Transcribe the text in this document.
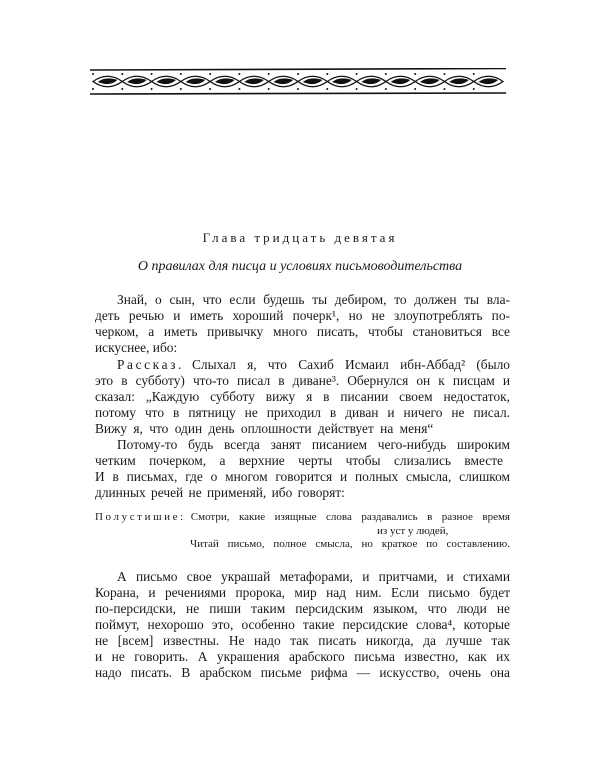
Глава тридцать девятая
О правилах для писца и условиях письмоводительства
Знай, о сын, что если будешь ты дебиром, то должен ты вла-
деть речью и иметь хороший почерк¹, но не злоупотреблять по-
черком, а иметь привычку много писать, чтобы становиться все
искуснее, ибо:
Рассказ. Слыхал я, что Сахиб Исмаил ибн-Аббад² (было
это в субботу) что-то писал в диване³. Обернулся он к писцам и
сказал: „Каждую субботу вижу я в писании своем недостаток,
потому что в пятницу не приходил в диван и ничего не писал.
Вижу я, что один день оплошности действует на меня“
Потому-то будь всегда занят писанием чего-нибудь широким
четким почерком, а верхние черты чтобы слизались вместе
И в письмах, где о многом говорится и полных смысла, слишком
длинных речей не применяй, ибо говорят:
Полустишие: Смотри, какие изящные слова раздавались в разное время
из уст у людей,
Читай письмо, полное смысла, но краткое по составлению.
А письмо свое украшай метафорами, и притчами, и стихами
Корана, и речениями пророка, мир над ним. Если письмо будет
по-персидски, не пиши таким персидским языком, что люди не
поймут, нехорошо это, особенно такие персидские слова⁴, которые
не [всем] известны. Не надо так писать никогда, да лучше так
и не говорить. А украшения арабского письма известно, как их
надо писать. В арабском письме рифма — искусство, очень она
